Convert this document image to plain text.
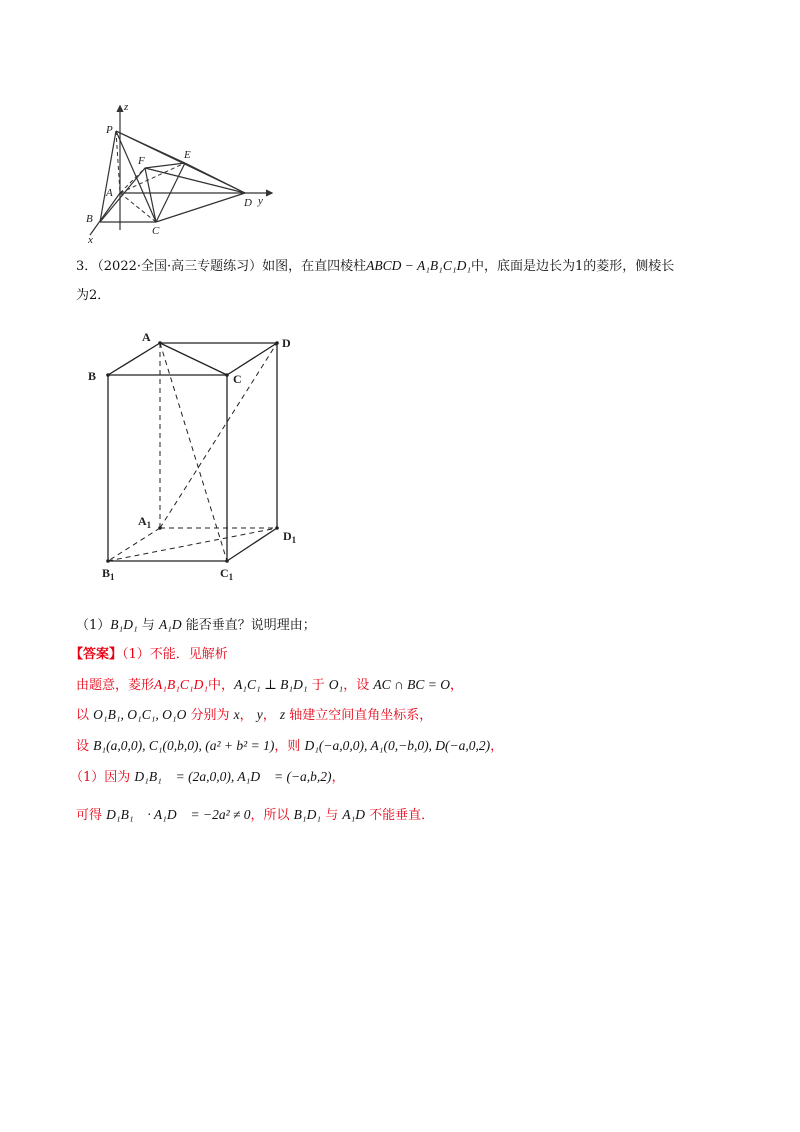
z
P
F	E
A
B
C
D y
x
3．（2022·全国·高三专题练习）如图，在直四棱柱ABCD − A₁B₁C₁D₁中，底面是边长为1的菱形，侧棱长
为2．
A	D
B	C
$A_1$
$D_1$
$B_1$	$C_1$
（1）B₁D₁ 与 A₁D 能否垂直？说明理由；
【答案】（1）不能．见解析
由题意，菱形A₁B₁C₁D₁中，A₁C₁ ⊥ B₁D₁ 于 O₁，设 AC ∩ BC = O，
以 O₁B₁, O₁C₁, O₁O 分别为 x， y， z 轴建立空间直角坐标系，
设 B₁(a,0,0), C₁(0,b,0), (a² + b² = 1)，则 D₁(−a,0,0), A₁(0,−b,0), D(−a,0,2)，
（1）因为 D₁B₁⃗ = (2a,0,0), A₁D⃗ = (−a,b,2)，
可得 D₁B₁⃗ · A₁D⃗ = −2a² ≠ 0，所以 B₁D₁ 与 A₁D 不能垂直．
